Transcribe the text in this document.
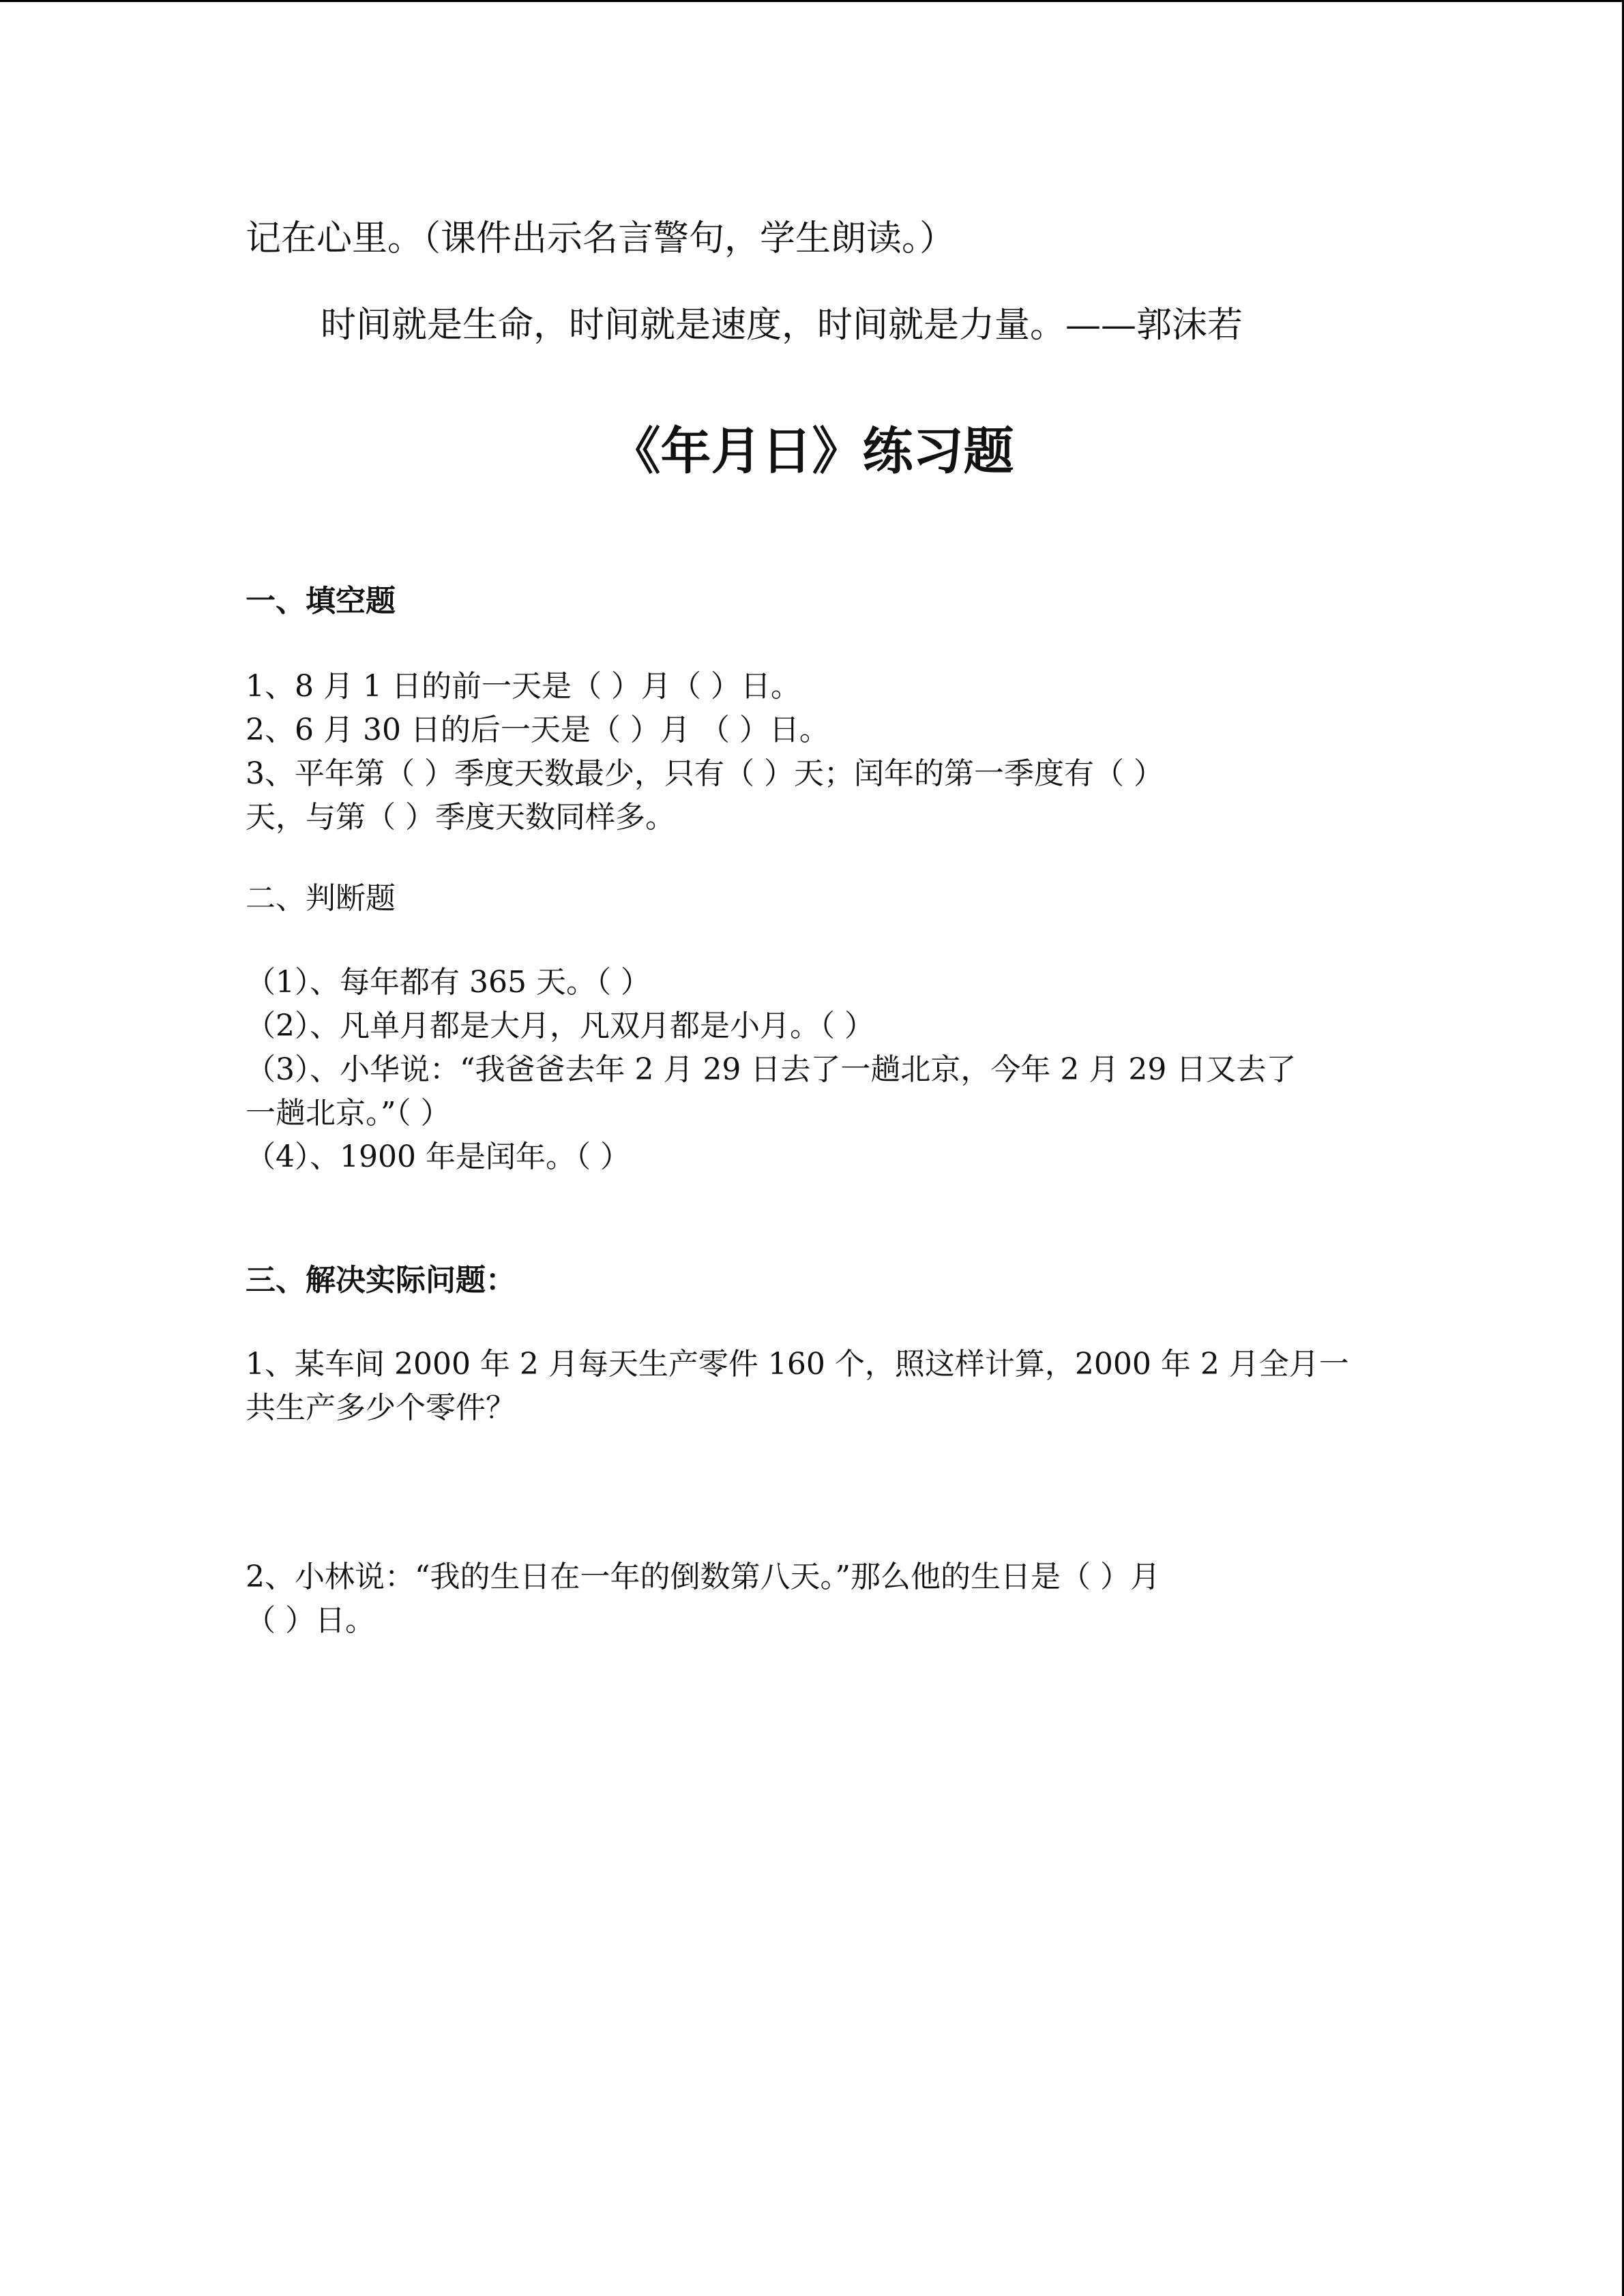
记在心里。（课件出示名言警句，学生朗读。）
时间就是生命，时间就是速度，时间就是力量。——郭沫若
《年月日》练习题
一、填空题
1、8 月 1 日的前一天是（ ）月（ ）日。
2、6 月 30 日的后一天是（ ）月 （ ）日。
3、平年第（ ）季度天数最少，只有（ ）天；闰年的第一季度有（ ）
天，与第（ ）季度天数同样多。
二、判断题
（1）、每年都有 365 天。（ ）
（2）、凡单月都是大月，凡双月都是小月。（ ）
（3）、小华说：“我爸爸去年 2 月 29 日去了一趟北京，今年 2 月 29 日又去了
一趟北京。”（ ）
（4）、1900 年是闰年。（ ）
三、解决实际问题：
1、某车间 2000 年 2 月每天生产零件 160 个，照这样计算，2000 年 2 月全月一
共生产多少个零件？
2、小林说：“我的生日在一年的倒数第八天。”那么他的生日是（ ）月
（ ）日。
